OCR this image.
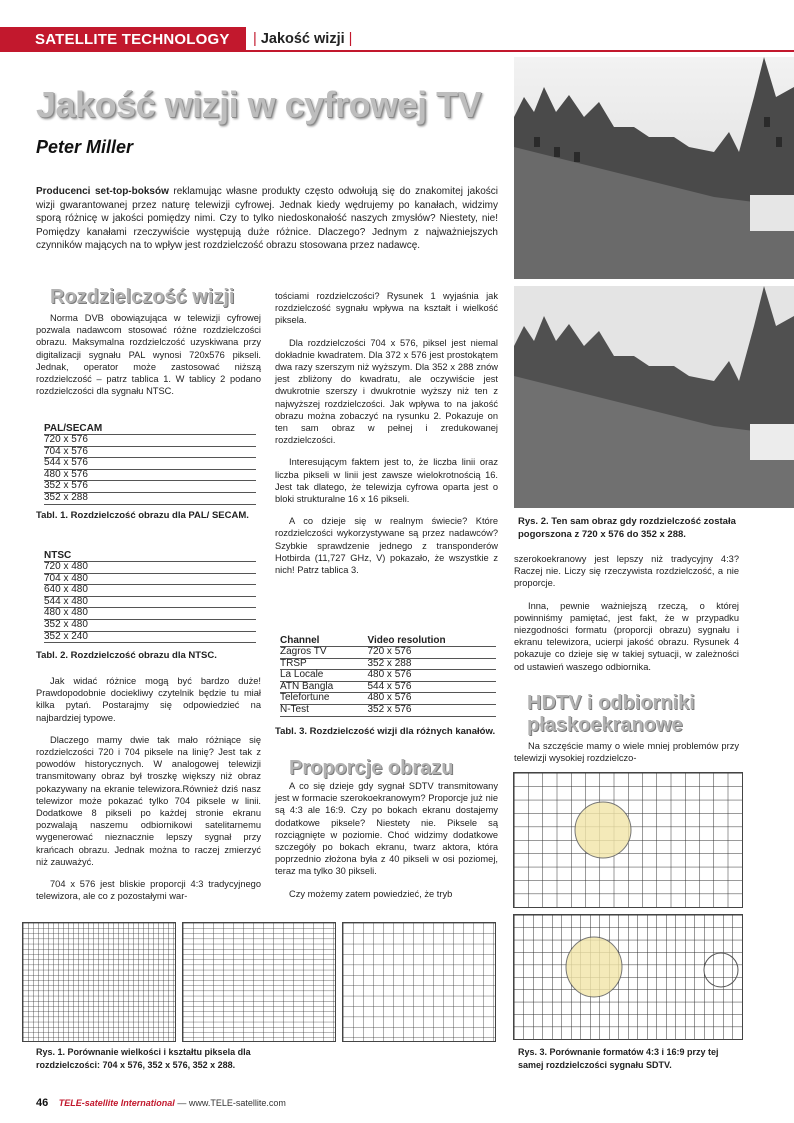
SATELLITE TECHNOLOGY | Jakość wizji |
Jakość wizji w cyfrowej TV
Peter Miller
Producenci set-top-boksów reklamując własne produkty często odwołują się do znakomitej jakości wizji gwarantowanej przez naturę telewizji cyfrowej. Jednak kiedy wędrujemy po kanałach, widzimy sporą różnicę w jakości pomiędzy nimi. Czy to tylko niedoskonałość naszych zmysłów? Niestety, nie! Pomiędzy kanałami rzeczywiście występują duże różnice. Dlaczego? Jednym z najważniejszych czynników mających na to wpływ jest rozdzielczość obrazu stosowana przez nadawcę.
Rys. 2. Ten sam obraz gdy rozdzielczość została pogorszona z 720 x 576 do 352 x 288.
Rozdzielczość wizji

Norma DVB obowiązująca w telewizji cyfrowej pozwala nadawcom stosować różne rozdzielczości obrazu. Maksymalna rozdzielczość uzyskiwana przy digitalizacji sygnału PAL wynosi 720x576 pikseli. Jednak, operator może zastosować niższą rozdzielczość – patrz tablica 1. W tablicy 2 podano rozdzielczości dla sygnału NTSC.

PAL/SECAM
720 x 576
704 x 576
544 x 576
480 x 576
352 x 576
352 x 288
Tabl. 1. Rozdzielczość obrazu dla PAL/ SECAM.
NTSC
720 x 480
704 x 480
640 x 480
544 x 480
480 x 480
352 x 480
352 x 240
Tabl. 2. Rozdzielczość obrazu dla NTSC.

Jak widać różnice mogą być bardzo duże! Prawdopodobnie dociekliwy czytelnik będzie tu miał kilka pytań. Postarajmy się odpowiedzieć na najbardziej typowe.

Dlaczego mamy dwie tak mało różniące się rozdzielczości 720 i 704 piksele na linię? Jest tak z powodów historycznych. W analogowej telewizji transmitowany obraz był troszkę większy niż obraz pokazywany na ekranie telewizora.Również dziś nasz telewizor może pokazać tylko 704 piksele w linii. Dodatkowe 8 pikseli po każdej stronie ekranu pozwalają naszemu odbiornikowi satelitarnemu wygenerować nieznacznie lepszy sygnał przy krańcach obrazu. Jednak można to raczej zmierzyć niż zauważyć.

704 x 576 jest bliskie proporcji 4:3 tradycyjnego telewizora, ale co z pozostałymi war-

tościami rozdzielczości? Rysunek 1 wyjaśnia jak rozdzielczość sygnału wpływa na kształt i wielkość piksela.

Dla rozdzielczości 704 x 576, piksel jest niemal dokładnie kwadratem. Dla 372 x 576 jest prostokątem dwa razy szerszym niż wyższym. Dla 352 x 288 znów jest zbliżony do kwadratu, ale oczywiście jest dwukrotnie szerszy i dwukrotnie wyższy niż ten z najwyższej rozdzielczości. Jak wpływa to na jakość obrazu można zobaczyć na rysunku 2. Pokazuje on ten sam obraz w pełnej i zredukowanej rozdzielczości.

Interesującym faktem jest to, że liczba linii oraz liczba pikseli w linii jest zawsze wielokrotnością 16. Jest tak dlatego, że telewizja cyfrowa oparta jest o bloki strukturalne 16 x 16 pikseli.

A co dzieje się w realnym świecie? Które rozdzielczości wykorzystywane są przez nadawców? Szybkie sprawdzenie jednego z transponderów Hotbirda (11,727 GHz, V) pokazało, że wszystkie z nich! Patrz tablica 3.

Channel	Video resolution
Zagros TV	720 x 576
TRSP	352 x 288
La Locale	480 x 576
ATN Bangla	544 x 576
Telefortune	480 x 576
N-Test	352 x 576
Tabl. 3. Rozdzielczość wizji dla różnych kanałów.
Proporcje obrazu

A co się dzieje gdy sygnał SDTV transmitowany jest w formacie szerokoekranowym? Proporcje już nie są 4:3 ale 16:9. Czy po bokach ekranu dostajemy dodatkowe piksele? Niestety nie. Piksele są rozciągnięte w poziomie. Choć widzimy dodatkowe szczegóły po bokach ekranu, twarz aktora, która poprzednio złożona była z 40 pikseli w osi poziomej, teraz ma tylko 30 pikseli.

Czy możemy zatem powiedzieć, że tryb

szerokoekranowy jest lepszy niż tradycyjny 4:3? Raczej nie. Liczy się rzeczywista rozdzielczość, a nie proporcje.

Inna, pewnie ważniejszą rzeczą, o której powinniśmy pamiętać, jest fakt, że w przypadku niezgodności formatu (proporcji obrazu) sygnału i ekranu telewizora, ucierpi jakość obrazu. Rysunek 4 pokazuje co dzieje się w takiej sytuacji, w zależności od ustawień waszego odbiornika.

HDTV i odbiorniki
płaskoekranowe

Na szczęście mamy o wiele mniej problemów przy telewizji wysokiej rozdzielczo-

Rys. 3. Porównanie formatów 4:3 i 16:9 przy tej samej rozdzielczości sygnału SDTV.
Rys. 1. Porównanie wielkości i kształtu piksela dla rozdzielczości: 704 x 576, 352 x 576, 352 x 288.
46 TELE-satellite International — www.TELE-satellite.com
